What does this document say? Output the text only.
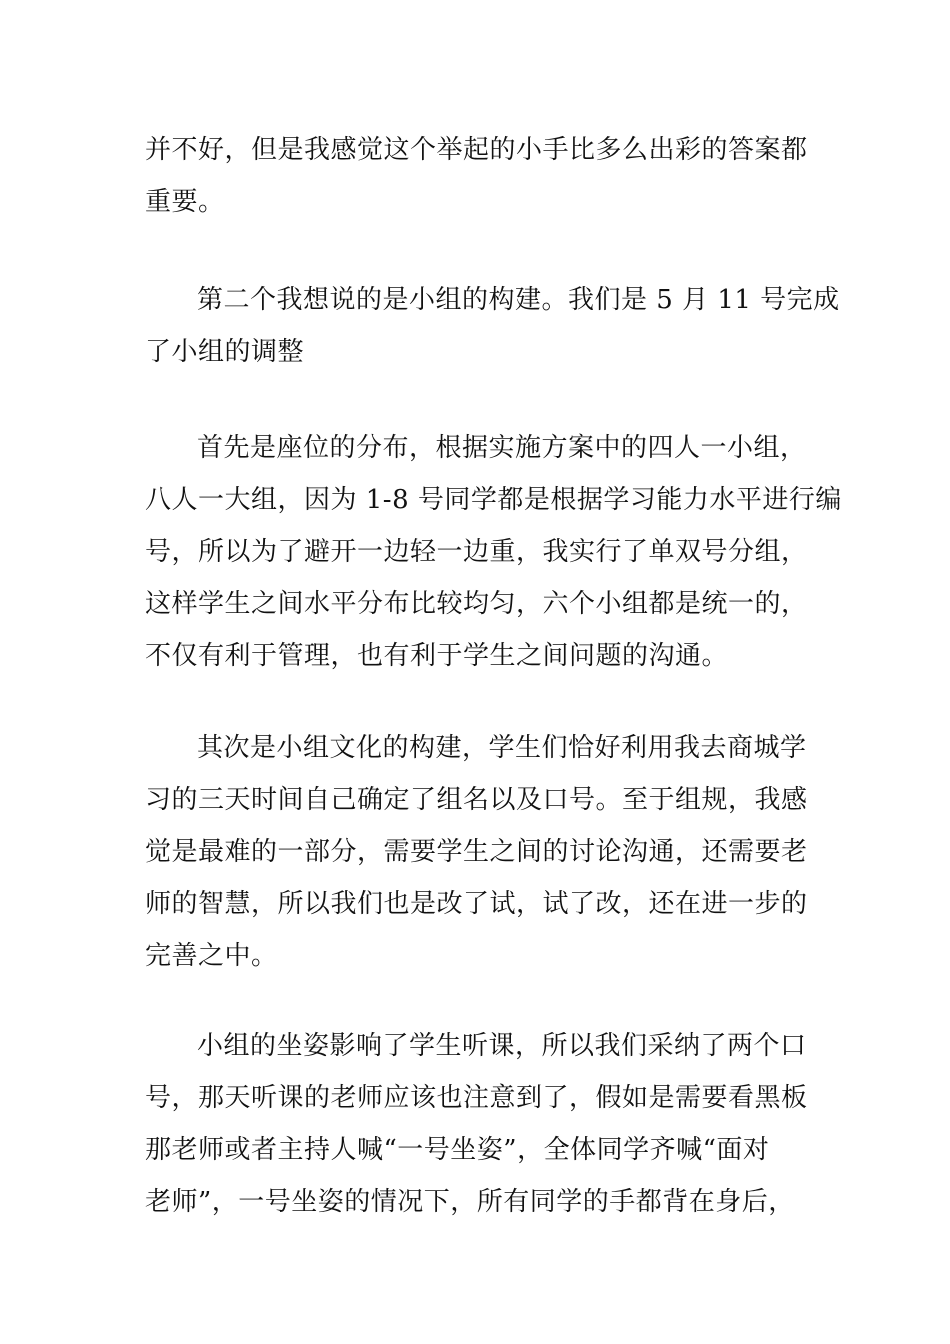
并不好，但是我感觉这个举起的小手比多么出彩的答案都
重要。
第二个我想说的是小组的构建。我们是 5 月 11 号完成
了小组的调整
首先是座位的分布，根据实施方案中的四人一小组，
八人一大组，因为 1-8 号同学都是根据学习能力水平进行编
号，所以为了避开一边轻一边重，我实行了单双号分组，
这样学生之间水平分布比较均匀，六个小组都是统一的，
不仅有利于管理，也有利于学生之间问题的沟通。
其次是小组文化的构建，学生们恰好利用我去商城学
习的三天时间自己确定了组名以及口号。至于组规，我感
觉是最难的一部分，需要学生之间的讨论沟通，还需要老
师的智慧，所以我们也是改了试，试了改，还在进一步的
完善之中。
小组的坐姿影响了学生听课，所以我们采纳了两个口
号，那天听课的老师应该也注意到了，假如是需要看黑板
那老师或者主持人喊“一号坐姿”，全体同学齐喊“面对
老师”，一号坐姿的情况下，所有同学的手都背在身后，
